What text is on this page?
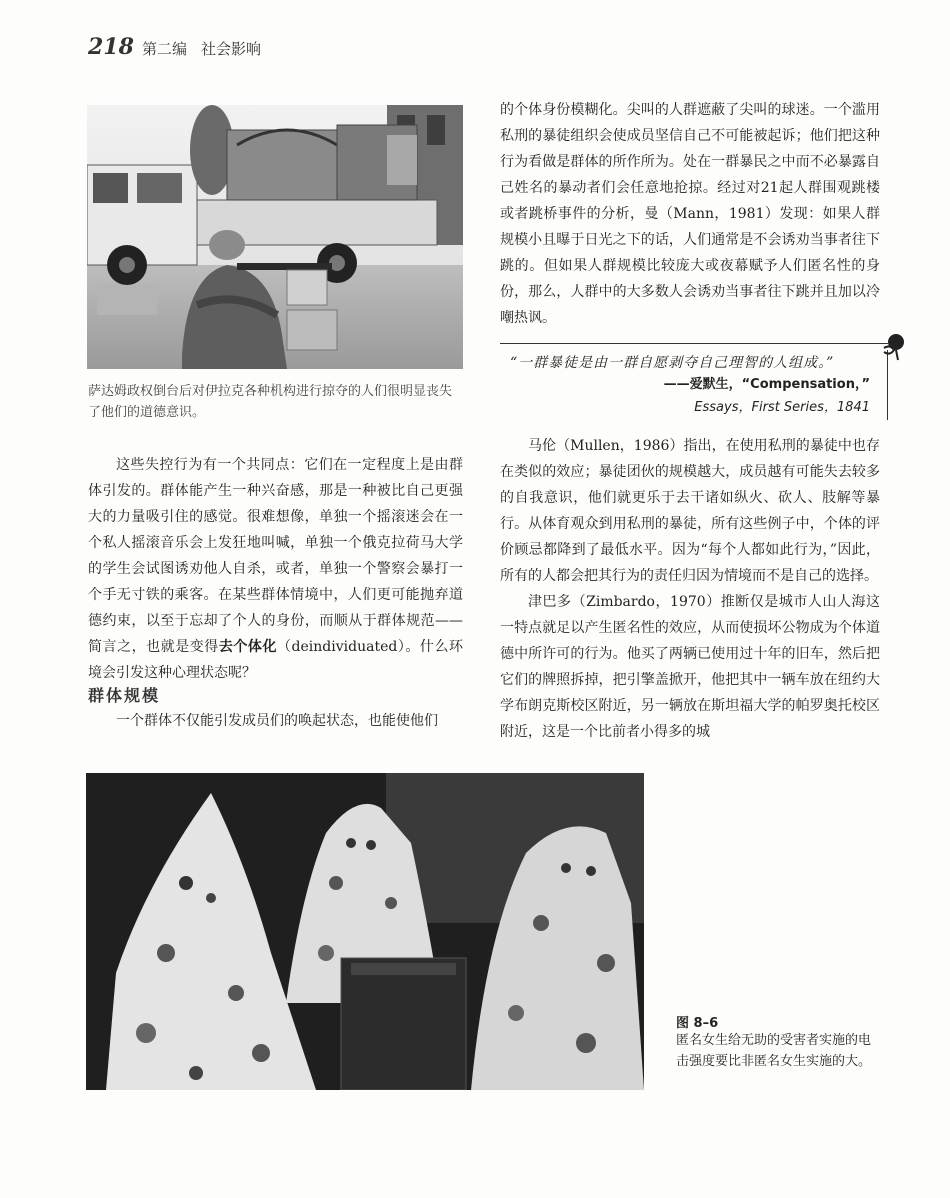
218 第二编 社会影响
萨达姆政权倒台后对伊拉克各种机构进行掠夺的人们很明显丧失了他们的道德意识。

这些失控行为有一个共同点：它们在一定程度上是由群体引发的。群体能产生一种兴奋感，那是一种被比自己更强大的力量吸引住的感觉。很难想像，单独一个摇滚迷会在一个私人摇滚音乐会上发狂地叫喊，单独一个俄克拉荷马大学的学生会试图诱劝他人自杀，或者，单独一个警察会暴打一个手无寸铁的乘客。在某些群体情境中，人们更可能抛弃道德约束，以至于忘却了个人的身份，而顺从于群体规范——简言之，也就是变得去个体化（deindividuated）。什么环境会引发这种心理状态呢？

群体规模

一个群体不仅能引发成员们的唤起状态，也能使他们

的个体身份模糊化。尖叫的人群遮蔽了尖叫的球迷。一个滥用私刑的暴徒组织会使成员坚信自己不可能被起诉；他们把这种行为看做是群体的所作所为。处在一群暴民之中而不必暴露自己姓名的暴动者们会任意地抢掠。经过对21起人群围观跳楼或者跳桥事件的分析，曼（Mann，1981）发现：如果人群规模小且曝于日光之下的话，人们通常是不会诱劝当事者往下跳的。但如果人群规模比较庞大或夜幕赋予人们匿名性的身份，那么，人群中的大多数人会诱劝当事者往下跳并且加以冷嘲热讽。

“一群暴徒是由一群自愿剥夺自己理智的人组成。”
——爱默生，“Compensation，”
Essays，First Series，1841

马伦（Mullen，1986）指出，在使用私刑的暴徒中也存在类似的效应；暴徒团伙的规模越大，成员越有可能失去较多的自我意识，他们就更乐于去干诸如纵火、砍人、肢解等暴行。从体育观众到用私刑的暴徒，所有这些例子中，个体的评价顾忌都降到了最低水平。因为“每个人都如此行为，”因此，所有的人都会把其行为的责任归因为情境而不是自己的选择。

津巴多（Zimbardo，1970）推断仅是城市人山人海这一特点就足以产生匿名性的效应，从而使损坏公物成为个体道德中所许可的行为。他买了两辆已使用过十年的旧车，然后把它们的牌照拆掉，把引擎盖掀开，他把其中一辆车放在纽约大学布朗克斯校区附近，另一辆放在斯坦福大学的帕罗奥托校区附近，这是一个比前者小得多的城

图 8–6
匿名女生给无助的受害者实施的电击强度要比非匿名女生实施的大。
